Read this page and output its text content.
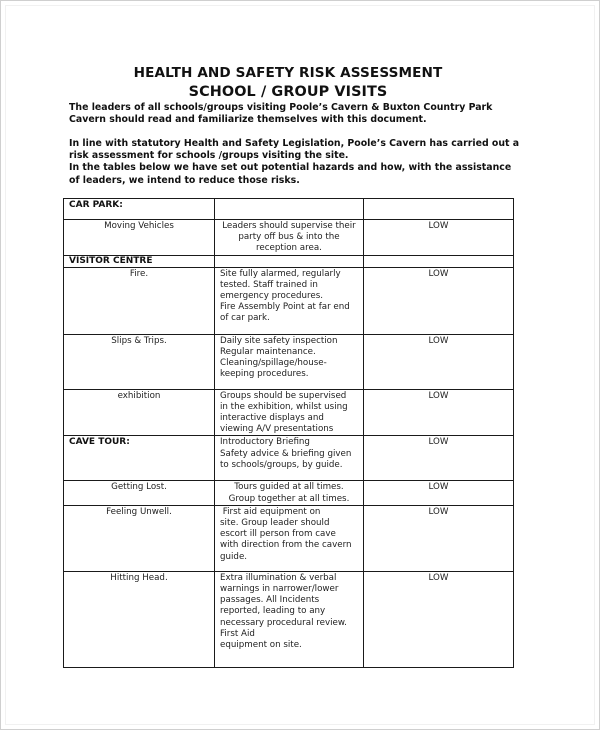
HEALTH AND SAFETY RISK ASSESSMENT
SCHOOL / GROUP VISITS
The leaders of all schools/groups visiting Poole’s Cavern & Buxton Country Park
Cavern should read and familiarize themselves with this document.
In line with statutory Health and Safety Legislation, Poole’s Cavern has carried out a
risk assessment for schools /groups visiting the site.
In the tables below we have set out potential hazards and how, with the assistance
of leaders, we intend to reduce those risks.
CAR PARK:		
Moving Vehicles	Leaders should supervise their
party off bus & into the
reception area.	LOW
VISITOR CENTRE		
Fire.	Site fully alarmed, regularly
tested. Staff trained in
emergency procedures.
Fire Assembly Point at far end
of car park.	LOW
Slips & Trips.	Daily site safety inspection
Regular maintenance.
Cleaning/spillage/house-
keeping procedures.	LOW
exhibition	Groups should be supervised
in the exhibition, whilst using
interactive displays and
viewing A/V presentations	LOW
CAVE TOUR:	Introductory Briefing
Safety advice & briefing given
to schools/groups, by guide.	LOW
Getting Lost.	Tours guided at all times.
Group together at all times.	LOW
Feeling Unwell.	First aid equipment on
site. Group leader should
escort ill person from cave
with direction from the cavern
guide.	LOW
Hitting Head.	Extra illumination & verbal
warnings in narrower/lower
passages. All Incidents
reported, leading to any
necessary procedural review.
First Aid
equipment on site.
	LOW
